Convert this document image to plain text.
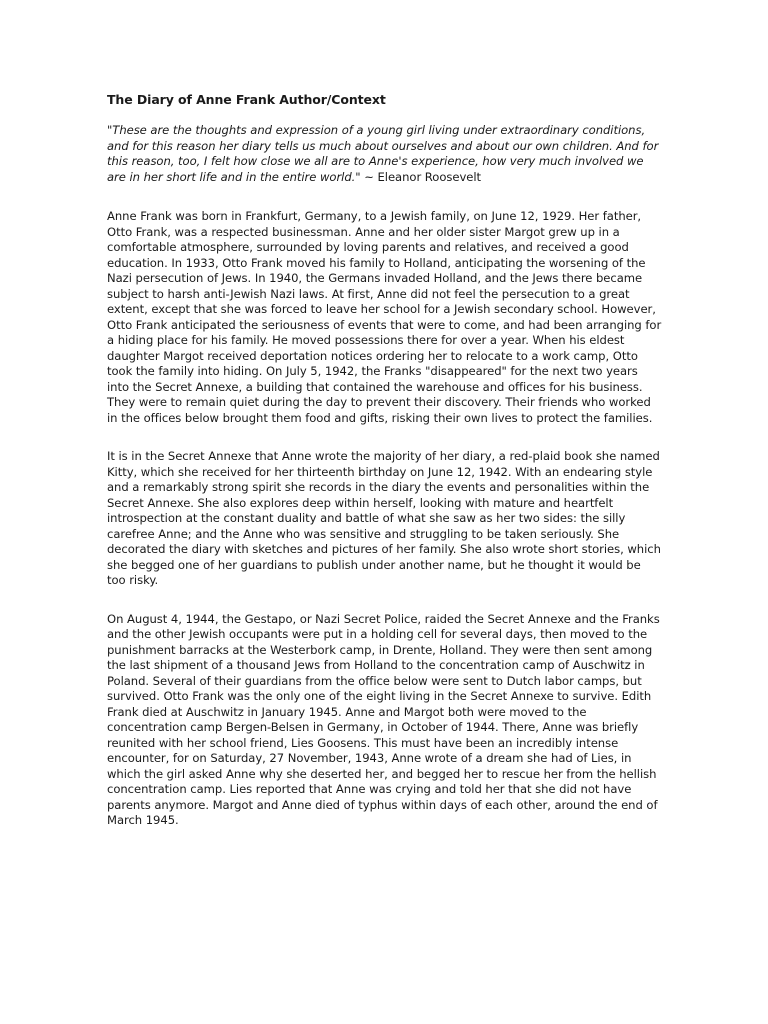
The Diary of Anne Frank Author/Context

"These are the thoughts and expression of a young girl living under extraordinary conditions, and for this reason her diary tells us much about ourselves and about our own children. And for this reason, too, I felt how close we all are to Anne's experience, how very much involved we are in her short life and in the entire world." ~ Eleanor Roosevelt

Anne Frank was born in Frankfurt, Germany, to a Jewish family, on June 12, 1929. Her father, Otto Frank, was a respected businessman. Anne and her older sister Margot grew up in a comfortable atmosphere, surrounded by loving parents and relatives, and received a good education. In 1933, Otto Frank moved his family to Holland, anticipating the worsening of the Nazi persecution of Jews. In 1940, the Germans invaded Holland, and the Jews there became subject to harsh anti-Jewish Nazi laws. At first, Anne did not feel the persecution to a great extent, except that she was forced to leave her school for a Jewish secondary school. However, Otto Frank anticipated the seriousness of events that were to come, and had been arranging for a hiding place for his family. He moved possessions there for over a year. When his eldest daughter Margot received deportation notices ordering her to relocate to a work camp, Otto took the family into hiding. On July 5, 1942, the Franks "disappeared" for the next two years into the Secret Annexe, a building that contained the warehouse and offices for his business. They were to remain quiet during the day to prevent their discovery. Their friends who worked in the offices below brought them food and gifts, risking their own lives to protect the families.

It is in the Secret Annexe that Anne wrote the majority of her diary, a red-plaid book she named Kitty, which she received for her thirteenth birthday on June 12, 1942. With an endearing style and a remarkably strong spirit she records in the diary the events and personalities within the Secret Annexe. She also explores deep within herself, looking with mature and heartfelt introspection at the constant duality and battle of what she saw as her two sides: the silly carefree Anne; and the Anne who was sensitive and struggling to be taken seriously. She decorated the diary with sketches and pictures of her family. She also wrote short stories, which she begged one of her guardians to publish under another name, but he thought it would be too risky.

On August 4, 1944, the Gestapo, or Nazi Secret Police, raided the Secret Annexe and the Franks and the other Jewish occupants were put in a holding cell for several days, then moved to the punishment barracks at the Westerbork camp, in Drente, Holland. They were then sent among the last shipment of a thousand Jews from Holland to the concentration camp of Auschwitz in Poland. Several of their guardians from the office below were sent to Dutch labor camps, but survived. Otto Frank was the only one of the eight living in the Secret Annexe to survive. Edith Frank died at Auschwitz in January 1945. Anne and Margot both were moved to the concentration camp Bergen-Belsen in Germany, in October of 1944. There, Anne was briefly reunited with her school friend, Lies Goosens. This must have been an incredibly intense encounter, for on Saturday, 27 November, 1943, Anne wrote of a dream she had of Lies, in which the girl asked Anne why she deserted her, and begged her to rescue her from the hellish concentration camp. Lies reported that Anne was crying and told her that she did not have parents anymore. Margot and Anne died of typhus within days of each other, around the end of March 1945.
